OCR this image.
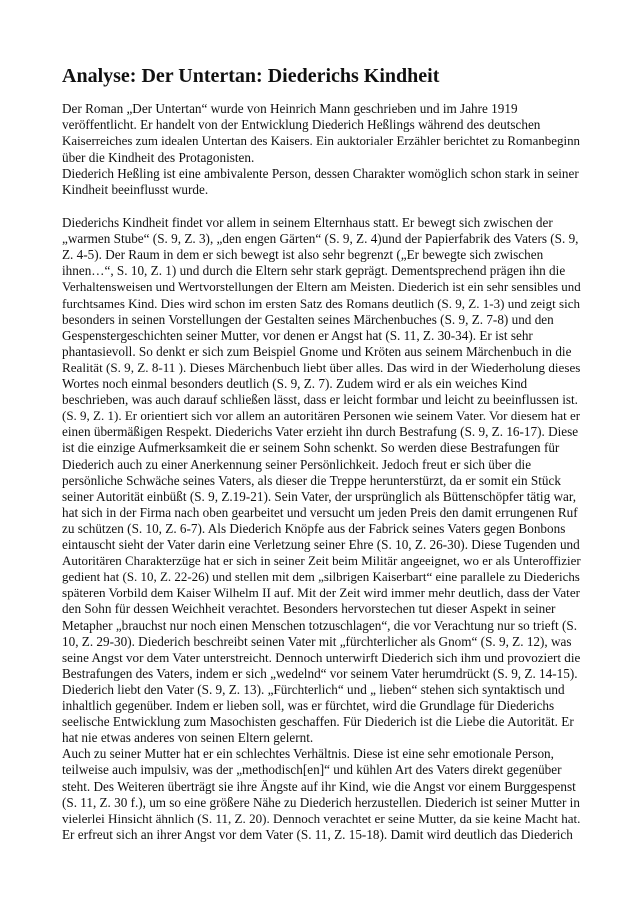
Analyse: Der Untertan: Diederichs Kindheit
Der Roman „Der Untertan“ wurde von Heinrich Mann geschrieben und im Jahre 1919
veröffentlicht. Er handelt von der Entwicklung Diederich Heßlings während des deutschen
Kaiserreiches zum idealen Untertan des Kaisers. Ein auktorialer Erzähler berichtet zu Romanbeginn
über die Kindheit des Protagonisten.
Diederich Heßling ist eine ambivalente Person, dessen Charakter womöglich schon stark in seiner
Kindheit beeinflusst wurde.
Diederichs Kindheit findet vor allem in seinem Elternhaus statt. Er bewegt sich zwischen der
„warmen Stube“ (S. 9, Z. 3), „den engen Gärten“ (S. 9, Z. 4)und der Papierfabrik des Vaters (S. 9,
Z. 4-5). Der Raum in dem er sich bewegt ist also sehr begrenzt („Er bewegte sich zwischen
ihnen…“, S. 10, Z. 1) und durch die Eltern sehr stark geprägt. Dementsprechend prägen ihn die
Verhaltensweisen und Wertvorstellungen der Eltern am Meisten. Diederich ist ein sehr sensibles und
furchtsames Kind. Dies wird schon im ersten Satz des Romans deutlich (S. 9, Z. 1-3) und zeigt sich
besonders in seinen Vorstellungen der Gestalten seines Märchenbuches (S. 9, Z. 7-8) und den
Gespenstergeschichten seiner Mutter, vor denen er Angst hat (S. 11, Z. 30-34). Er ist sehr
phantasievoll. So denkt er sich zum Beispiel Gnome und Kröten aus seinem Märchenbuch in die
Realität (S. 9, Z. 8-11 ). Dieses Märchenbuch liebt über alles. Das wird in der Wiederholung dieses
Wortes noch einmal besonders deutlich (S. 9, Z. 7). Zudem wird er als ein weiches Kind
beschrieben, was auch darauf schließen lässt, dass er leicht formbar und leicht zu beeinflussen ist.
(S. 9, Z. 1). Er orientiert sich vor allem an autoritären Personen wie seinem Vater. Vor diesem hat er
einen übermäßigen Respekt. Diederichs Vater erzieht ihn durch Bestrafung (S. 9, Z. 16-17). Diese
ist die einzige Aufmerksamkeit die er seinem Sohn schenkt. So werden diese Bestrafungen für
Diederich auch zu einer Anerkennung seiner Persönlichkeit. Jedoch freut er sich über die
persönliche Schwäche seines Vaters, als dieser die Treppe herunterstürzt, da er somit ein Stück
seiner Autorität einbüßt (S. 9, Z.19-21). Sein Vater, der ursprünglich als Büttenschöpfer tätig war,
hat sich in der Firma nach oben gearbeitet und versucht um jeden Preis den damit errungenen Ruf
zu schützen (S. 10, Z. 6-7). Als Diederich Knöpfe aus der Fabrick seines Vaters gegen Bonbons
eintauscht sieht der Vater darin eine Verletzung seiner Ehre (S. 10, Z. 26-30). Diese Tugenden und
Autoritären Charakterzüge hat er sich in seiner Zeit beim Militär angeeignet, wo er als Unteroffizier
gedient hat (S. 10, Z. 22-26) und stellen mit dem „silbrigen Kaiserbart“ eine parallele zu Diederichs
späteren Vorbild dem Kaiser Wilhelm II auf. Mit der Zeit wird immer mehr deutlich, dass der Vater
den Sohn für dessen Weichheit verachtet. Besonders hervorstechen tut dieser Aspekt in seiner
Metapher „brauchst nur noch einen Menschen totzuschlagen“, die vor Verachtung nur so trieft (S.
10, Z. 29-30). Diederich beschreibt seinen Vater mit „fürchterlicher als Gnom“ (S. 9, Z. 12), was
seine Angst vor dem Vater unterstreicht. Dennoch unterwirft Diederich sich ihm und provoziert die
Bestrafungen des Vaters, indem er sich „wedelnd“ vor seinem Vater herumdrückt (S. 9, Z. 14-15).
Diederich liebt den Vater (S. 9, Z. 13). „Fürchterlich“ und „ lieben“ stehen sich syntaktisch und
inhaltlich gegenüber. Indem er lieben soll, was er fürchtet, wird die Grundlage für Diederichs
seelische Entwicklung zum Masochisten geschaffen. Für Diederich ist die Liebe die Autorität. Er
hat nie etwas anderes von seinen Eltern gelernt.
Auch zu seiner Mutter hat er ein schlechtes Verhältnis. Diese ist eine sehr emotionale Person,
teilweise auch impulsiv, was der „methodisch[en]“ und kühlen Art des Vaters direkt gegenüber
steht. Des Weiteren überträgt sie ihre Ängste auf ihr Kind, wie die Angst vor einem Burggespenst
(S. 11, Z. 30 f.), um so eine größere Nähe zu Diederich herzustellen. Diederich ist seiner Mutter in
vielerlei Hinsicht ähnlich (S. 11, Z. 20). Dennoch verachtet er seine Mutter, da sie keine Macht hat.
Er erfreut sich an ihrer Angst vor dem Vater (S. 11, Z. 15-18). Damit wird deutlich das Diederich
